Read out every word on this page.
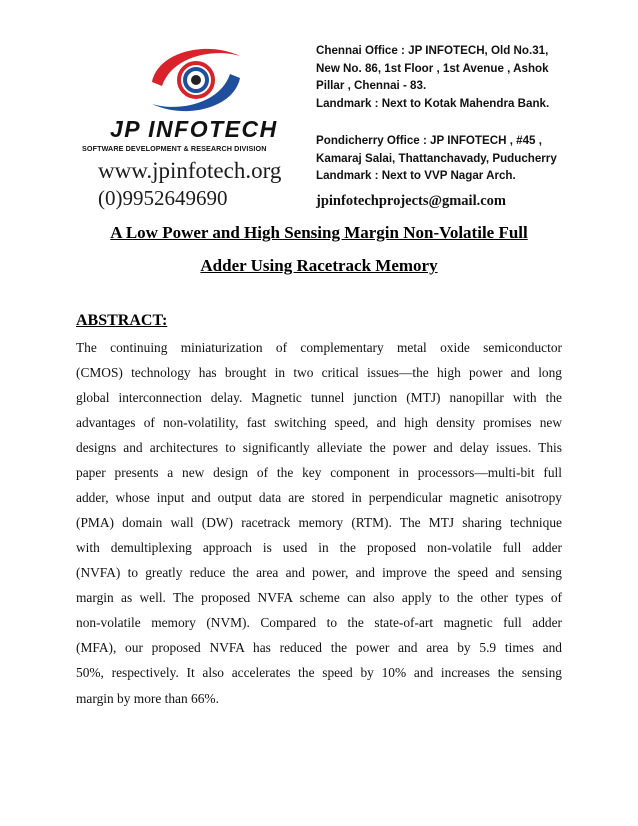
JP INFOTECH
SOFTWARE DEVELOPMENT & RESEARCH DIVISION
www.jpinfotech.org
(0)9952649690
Chennai Office : JP INFOTECH, Old No.31,
New No. 86, 1st Floor , 1st Avenue , Ashok
Pillar , Chennai - 83.
Landmark : Next to Kotak Mahendra Bank.
Pondicherry Office : JP INFOTECH , #45 ,
Kamaraj Salai, Thattanchavady, Puducherry
Landmark : Next to VVP Nagar Arch.
jpinfotechprojects@gmail.com
A Low Power and High Sensing Margin Non-Volatile Full
Adder Using Racetrack Memory
ABSTRACT:
The continuing miniaturization of complementary metal oxide semiconductor
(CMOS) technology has brought in two critical issues—the high power and long
global interconnection delay. Magnetic tunnel junction (MTJ) nanopillar with the
advantages of non-volatility, fast switching speed, and high density promises new
designs and architectures to significantly alleviate the power and delay issues. This
paper presents a new design of the key component in processors—multi-bit full
adder, whose input and output data are stored in perpendicular magnetic anisotropy
(PMA) domain wall (DW) racetrack memory (RTM). The MTJ sharing technique
with demultiplexing approach is used in the proposed non-volatile full adder
(NVFA) to greatly reduce the area and power, and improve the speed and sensing
margin as well. The proposed NVFA scheme can also apply to the other types of
non-volatile memory (NVM). Compared to the state-of-art magnetic full adder
(MFA), our proposed NVFA has reduced the power and area by 5.9 times and
50%, respectively. It also accelerates the speed by 10% and increases the sensing
margin by more than 66%.
